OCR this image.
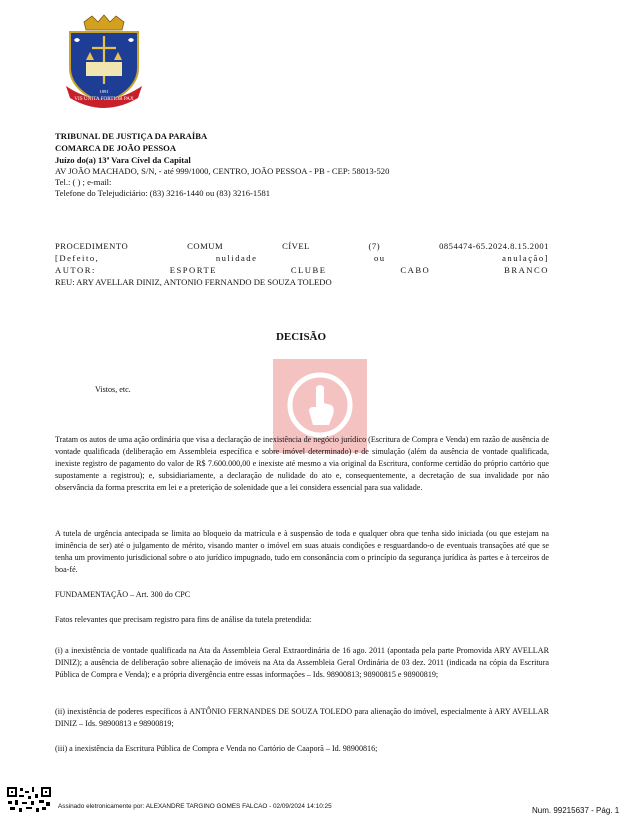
VIS UNITA FORTIOR PAX
1891
TRIBUNAL DE JUSTIÇA DA PARAÍBA
COMARCA DE JOÃO PESSOA
Juízo do(a) 13ª Vara Cível da Capital
AV JOÃO MACHADO, S/N, - até 999/1000, CENTRO, JOÃO PESSOA - PB - CEP: 58013-520
Tel.: ( ) ; e-mail:
Telefone do Telejudiciário: (83) 3216-1440 ou (83) 3216-1581
PROCEDIMENTO	COMUM	CÍVEL	(7)	0854474-65.2024.8.15.2001
[Defeito,	nulidade	ou	anulação]
AUTOR:	ESPORTE	CLUBE	CABO	BRANCO
REU: ARY AVELLAR DINIZ, ANTONIO FERNANDO DE SOUZA TOLEDO
DECISÃO
Vistos, etc.
Tratam os autos de uma ação ordinária que visa a declaração de inexistência de negócio jurídico (Escritura de Compra e Venda) em razão de ausência de vontade qualificada (deliberação em Assembleia específica e sobre imóvel determinado) e de simulação (além da ausência de vontade qualificada, inexiste registro de pagamento do valor de R$ 7.600.000,00 e inexiste até mesmo a via original da Escritura, conforme certidão do próprio cartório que supostamente a registrou); e, subsidiariamente, a declaração de nulidade do ato e, consequentemente, a decretação de sua invalidade por não observância da forma prescrita em lei e a preterição de solenidade que a lei considera essencial para sua validade.
A tutela de urgência antecipada se limita ao bloqueio da matrícula e à suspensão de toda e qualquer obra que tenha sido iniciada (ou que estejam na iminência de ser) até o julgamento de mérito, visando manter o imóvel em suas atuais condições e resguardando-o de eventuais transações até que se tenha um provimento jurisdicional sobre o ato jurídico impugnado, tudo em consonância com o princípio da segurança jurídica às partes e à terceiros de boa-fé.
FUNDAMENTAÇÃO – Art. 300 do CPC
Fatos relevantes que precisam registro para fins de análise da tutela pretendida:
(i) a inexistência de vontade qualificada na Ata da Assembleia Geral Extraordinária de 16 ago. 2011 (apontada pela parte Promovida ARY AVELLAR DINIZ); a ausência de deliberação sobre alienação de imóveis na Ata da Assembleia Geral Ordinária de 03 dez. 2011 (indicada na cópia da Escritura Pública de Compra e Venda); e a própria divergência entre essas informações – Ids. 98900813; 98900815 e 98900819;
(ii) inexistência de poderes específicos à ANTÔNIO FERNANDES DE SOUZA TOLEDO para alienação do imóvel, especialmente à ARY AVELLAR DINIZ – Ids. 98900813 e 98900819;
(iii) a inexistência da Escritura Pública de Compra e Venda no Cartório de Caaporã – Id. 98900816;
Assinado eletronicamente por: ALEXANDRE TARGINO GOMES FALCAO - 02/09/2024 14:10:25	Num. 99215637 - Pág. 1
